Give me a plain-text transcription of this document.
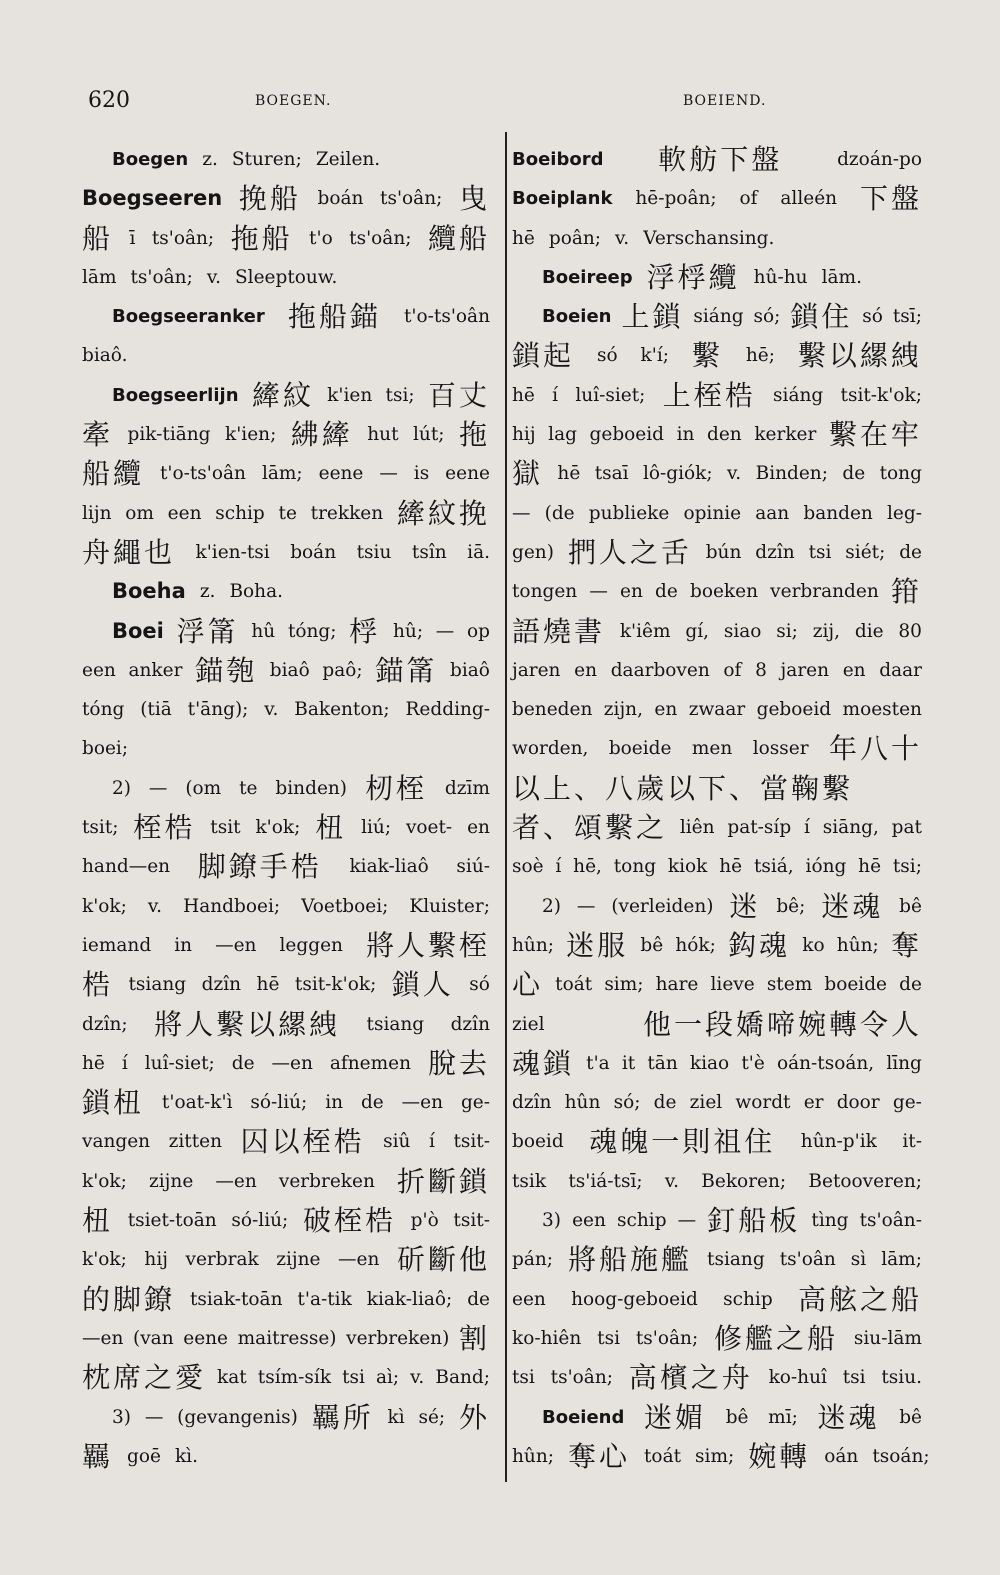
620	BOEGEN.	BOEIEND.
Boegen z. Sturen; Zeilen.
Boegseeren 挽船 boán ts'oân; 曳
船 ī ts'oân; 拖船 t'o ts'oân; 纜船
lām ts'oân; v. Sleeptouw.
Boegseeranker 拖船錨 t'o-ts'oân
biaô.
Boegseerlijn 縴紋 k'ien tsi; 百丈
牽 pik-tiāng k'ien; 紼縴 hut lút; 拖
船纜 t'o-ts'oân lām; eene — is eene
lijn om een schip te trekken 縴紋挽
舟繩也 k'ien-tsi boán tsiu tsîn iā.
Boeha z. Boha.
Boei 浮筩 hû tóng; 桴 hû; — op
een anker 錨匏 biaô paô; 錨筩 biaô
tóng (tiā t'āng); v. Bakenton; Redding-
boei;
2) — (om te binden) 杒桎 dzīm
tsit; 桎梏 tsit k'ok; 杻 liú; voet- en
hand—en 脚鐐手梏 kiak-liaô siú-
k'ok; v. Handboei; Voetboei; Kluister;
iemand in —en leggen 將人繫桎
梏 tsiang dzîn hē tsit-k'ok; 鎖人 só
dzîn; 將人繫以縲絏 tsiang dzîn
hē í luî-siet; de —en afnemen 脫去
鎖杻 t'oat-k'ì só-liú; in de —en ge-
vangen zitten 囚以桎梏 siû í tsit-
k'ok; zijne —en verbreken 折斷鎖
杻 tsiet-toān só-liú; 破桎梏 p'ò tsit-
k'ok; hij verbrak zijne —en 斫斷他
的脚鐐 tsiak-toān t'a-tik kiak-liaô; de
—en (van eene maitresse) verbreken) 割
枕席之愛 kat tsím-sík tsi aì; v. Band;
3) — (gevangenis) 羈所 kì sé; 外
羈 goē kì.
Boeibord 軟舫下盤	dzoán-po
Boeiplank hē-poân; of alleén 下盤
hē poân; v. Verschansing.
Boeireep 浮桴纜 hû-hu lām.
Boeien 上鎖 siáng só; 鎖住 só tsī;
鎖起 só k'í; 繫 hē; 繫以縲絏
hē í luî-siet; 上桎梏 siáng tsit-k'ok;
hij lag geboeid in den kerker 繫在牢
獄 hē tsaī lô-giók; v. Binden; de tong
— (de publieke opinie aan banden leg-
gen) 捫人之舌 bún dzîn tsi siét; de
tongen — en de boeken verbranden 箝
語燒書 k'iêm gí, siao si; zij, die 80
jaren en daarboven of 8 jaren en daar
beneden zijn, en zwaar geboeid moesten
worden, boeide men losser 年八十
以上、八歲以下、當鞠繫
者、頌繫之 liên pat-síp í siāng, pat
soè í hē, tong kiok hē tsiá, ióng hē tsi;
2) — (verleiden) 迷 bê; 迷魂 bê
hûn; 迷服 bê hók; 鈎魂 ko hûn; 奪
心 toát sim; hare lieve stem boeide de
ziel	他一段嬌啼婉轉令人
魂鎖 t'a it tān kiao t'è oán-tsoán, līng
dzîn hûn só; de ziel wordt er door ge-
boeid 魂魄一則祖住 hûn-p'ik it-
tsik ts'iá-tsī; v. Bekoren; Betooveren;
3) een schip — 釘船板 tìng ts'oân-
pán; 將船施艦 tsiang ts'oân sì lām;
een hoog-geboeid schip 高舷之船
ko-hiên tsi ts'oân; 修艦之船 siu-lām
tsi ts'oân; 高檳之舟 ko-huî tsi tsiu.
Boeiend 迷媚 bê mī; 迷魂 bê
hûn; 奪心 toát sim; 婉轉 oán tsoán;
